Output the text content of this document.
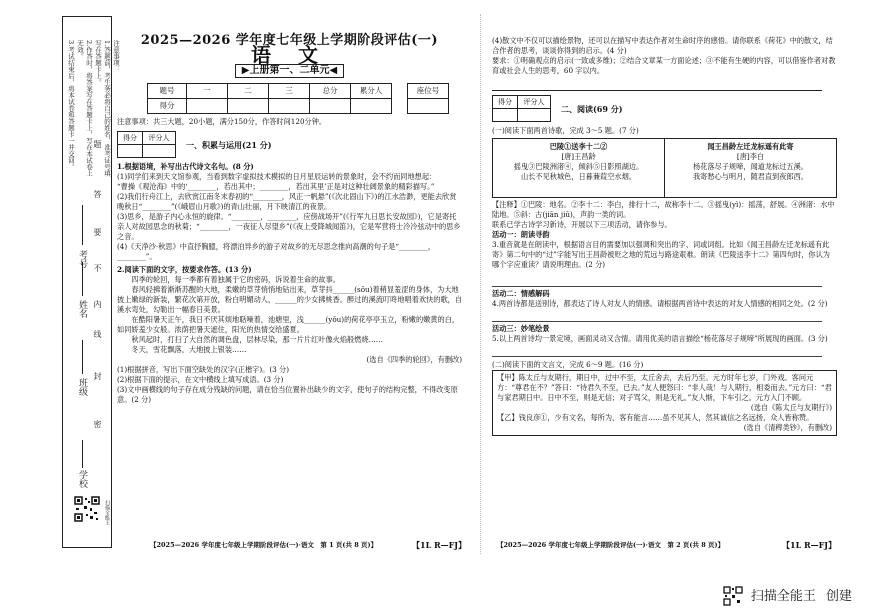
注意事项：
1.答题前，考生务必将自己的姓名、准考证号填写在答题卡上。
2.作答时，将答案写在答题卡上，写在本试卷上无效。
3.考试结束后，将本试卷和答题卡一并交回。	题
答
要
不
内
线
封
密
学校
班级
姓名
考号
扫描全能王
2025—2026 学年度七年级上学期阶段评估(一)
语 文
▶上册第一、二单元◀
题号	一	二	三	总分	累分人
得分					
座位号

注意事项：共三大题，20小题，满分150分，作答时间120分钟。

得分	评分人

一、积累与运用(21 分)

1.根据语境，补写出古代诗文名句。(8 分)

(1)同学们来到天文馆参观，当看到数字虚拟技术模拟的日月星辰运转的景象时，会不约而同地想起：

“曹操《观沧海》中的‘________，若出其中；________，若出其里’正是对这种壮阔景象的精彩描写。”

(2)我们行舟江上，去欣赏江南冬末春初的“________，风正一帆悬”(《次北固山下》)的江水浩渺，更能去欣赏晚秋日“________”(《峨眉山月歌》)的青山壮丽，月下映清江的夜景。

(3)思乡，是游子内心永恒的旋律。“________，________，应傍战场开”(《行军九日思长安故园》)，它是寄托亲人对故园思念的秋菊；“________，一夜征人尽望乡”(《夜上受降城闻笛》)，它是军营将士冷冷弦动中的思乡之音。

(4)《天净沙·秋思》中直抒胸臆，将漂泊异乡的游子对故乡的无尽思念推向高潮的句子是“________，________”。

2.阅读下面的文字，按要求作答。(13 分)

四季的轮回，每一季都有着独属于它的密码，诉说着生命的故事。

春风轻拂着渐渐苏醒的大地，柔嫩的草芽悄悄地钻出来，草芽抖______(sǒu)着稍显羞涩的身体，为大地披上嫩绿的新装，繁花次第开放，粉白明媚动人，______的少女拂桃香。醉过的溪流叮咚地唱着欢快的歌，自溪水弯处，勾勒出一幅春日美景。

在酷阳暑天正午，我日不厌其烦地聒噪着，池塘里，浅______(yǒu)的荷花亭亭玉立，粉嫩的嫩黄的白，如同娇羞少女般。浓荫把暑天遮住，阳光的热情交给盛夏。

秋风起时，打扫了大自然的调色盘，层林尽染，那一片片红叶像火焰般燃烧……

冬天，雪花飘落，大地披上银装……

(选自《四季的轮回》，有删改)

(1)根据拼音，写出下面空缺处的汉字(正楷字)。(3 分)

(2)根据下面的提示，在文中横线上填写成语。(3 分)

(3)文中画横线的句子存在成分残缺的问题，请在恰当位置补出缺少的文字，使句子的结构完整，不得改变原意。(2 分)

【2025—2026 学年度七年级上学期阶段评估(一)·语文　第 1 页(共 8 页)】	【1L R—FJ】

(4)散文中不仅可以描绘景物，还可以在描写中表达作者对生命时序的感悟。请你联系《荷花》中的散文，结合作者的思考，谈谈你得到的启示。(4 分)

要求：①明确观点的启示(一致或多维)；②结合文章某一方面论述；③不能有生硬的内容，可以借鉴作者对教育或社会人生的思考，60 字以内。

得分	评分人

二、阅读(69 分)

(一)阅读下面两首诗歌，完成 3～5 题。(7 分)

巴陵①送李十二②
[唐]王昌龄
摇曳③巴陵洲渚④，倾斜⑤日影照湖边。
山长不见秋城色，日暮蒹葭空水烟。
闻王昌龄左迁龙标遥有此寄
[唐]李白
杨花落尽子规啼，闻道龙标过五溪。
我寄愁心与明月，随君直到夜郎西。

【注释】①巴陵：地名。②李十二：李白，排行十二，故称李十二。③摇曳(yì)：摇荡，舒展。④洲渚：水中陆地。⑤斜：古(jiān jiǔ)，声韵一类的词。

联系已学古诗学习新诗，开展以下三项活动，请你参与。

活动一：朗读寻韵

3.重音就是在朗读中，根据语言目的需要加以强调和突出的字、词或词组。比如《闻王昌龄左迁龙标遥有此寄》第二句中的“过”字能写出王昌龄被贬之地的荒远与路途艰难。朗读《巴陵送李十二》第四句时，你认为哪个字应重读？请说明理由。(2 分)

活动二：情感解码

4.两首诗都是送别诗，都表达了诗人对友人的情感。请根据两首诗中表达的对友人情感的相同之处。(2 分)

活动三：妙笔绘景

5.以上两首诗均一景定境，画面灵动又含情。请用优美的语言描绘“杨花落尽子规啼”所展现的画面。(3 分)

(二)阅读下面的文言文，完成 6～9 题。(16 分)

【甲】陈太丘与友期行，期日中，过中不至，太丘舍去，去后乃至。元方时年七岁，门外戏。客问元方：“尊君在不？”答曰：“待君久不至，已去。”友人便怒曰：“非人哉！与人期行，相委而去。”元方曰：“君与家君期日中。日中不至，则是无信；对子骂父，则是无礼。”友人惭，下车引之。元方入门不顾。

(选自《陈太丘与友期行》)

【乙】钱良彦①，少有文名，每所为，客有能言……虽不见其人，然其诚信之名远扬，众人皆称赞。

(选自《清稗类钞》，有删改)

【2025—2026 学年度七年级上学期阶段评估(一)·语文　第 2 页(共 8 页)】	【1L R—FJ】
扫描全能王 创建
